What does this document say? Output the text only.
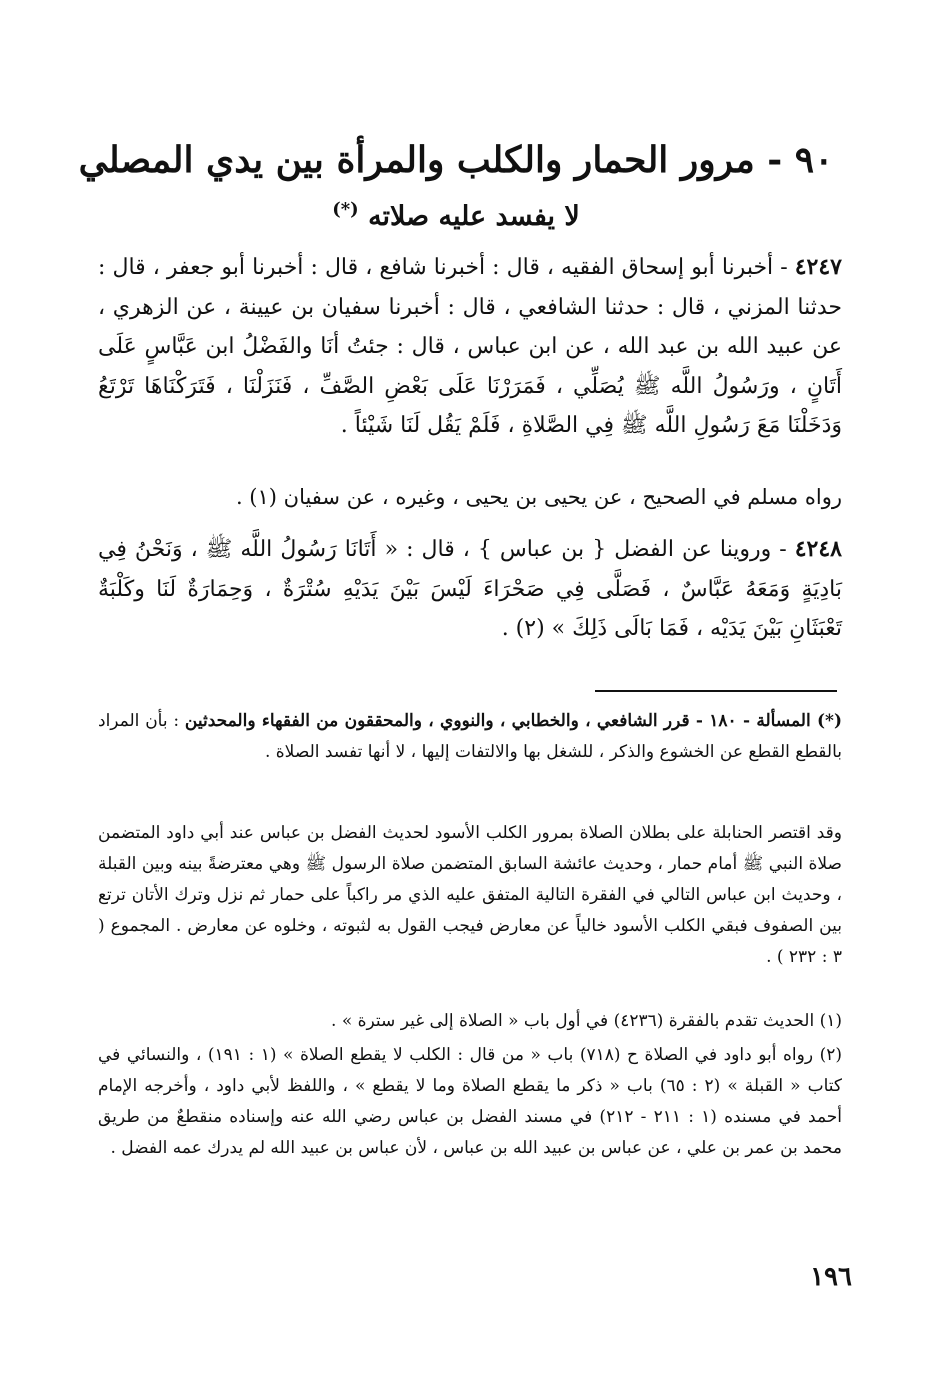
٩٠ - مرور الحمار والكلب والمرأة بين يدي المصلي
لا يفسد عليه صلاته (*)
٤٢٤٧ - أخبرنا أبو إسحاق الفقيه ، قال : أخبرنا شافع ، قال : أخبرنا أبو جعفر ، قال : حدثنا المزني ، قال : حدثنا الشافعي ، قال : أخبرنا سفيان بن عيينة ، عن الزهري ، عن عبيد الله بن عبد الله ، عن ابن عباس ، قال : جئتُ أنَا والفَضْلُ ابن عَبَّاسٍ عَلَى أَتَانٍ ، ورَسُولُ اللَّه ﷺ يُصَلِّي ، فَمَرَرْنَا عَلَى بَعْضِ الصَّفِّ ، فَنَزَلْنَا ، فَتَرَكْنَاهَا تَرْتَعُ وَدَخَلْنَا مَعَ رَسُولِ اللَّه ﷺ فِي الصَّلاةِ ، فَلَمْ يَقُل لَنَا شَيْئاً .
رواه مسلم في الصحيح ، عن يحيى بن يحيى ، وغيره ، عن سفيان (١) .
٤٢٤٨ - وروينا عن الفضل { بن عباس } ، قال : « أَتَانَا رَسُولُ اللَّه ﷺ ، وَنَحْنُ فِي بَادِيَةٍ وَمَعَهُ عَبَّاسٌ ، فَصَلَّى فِي صَحْرَاءَ لَيْسَ بَيْنَ يَدَيْهِ سُتْرَةٌ ، وَحِمَارَةٌ لَنَا وكَلْبَةٌ تَعْبَثَانِ بَيْنَ يَدَيْه ، فَمَا بَالَى ذَلِكَ » (٢) .
(*) المسألة - ١٨٠ - قرر الشافعي ، والخطابي ، والنووي ، والمحققون من الفقهاء والمحدثين : بأن المراد بالقطع القطع عن الخشوع والذكر ، للشغل بها والالتفات إليها ، لا أنها تفسد الصلاة .
وقد اقتصر الحنابلة على بطلان الصلاة بمرور الكلب الأسود لحديث الفضل بن عباس عند أبي داود المتضمن صلاة النبي ﷺ أمام حمار ، وحديث عائشة السابق المتضمن صلاة الرسول ﷺ وهي معترضةً بينه وبين القبلة ، وحديث ابن عباس التالي في الفقرة التالية المتفق عليه الذي مر راكباً على حمار ثم نزل وترك الأتان ترتع بين الصفوف فبقي الكلب الأسود خالياً عن معارض فيجب القول به لثبوته ، وخلوه عن معارض . المجموع ( ٣ : ٢٣٢ ) .
(١) الحديث تقدم بالفقرة (٤٢٣٦) في أول باب « الصلاة إلى غير سترة » .
(٢) رواه أبو داود في الصلاة ح (٧١٨) باب « من قال : الكلب لا يقطع الصلاة » (١ : ١٩١) ، والنسائي في كتاب « القبلة » (٢ : ٦٥) باب « ذكر ما يقطع الصلاة وما لا يقطع » ، واللفظ لأبي داود ، وأخرجه الإمام أحمد في مسنده (١ : ٢١١ - ٢١٢) في مسند الفضل بن عباس رضي الله عنه وإسناده منقطعٌ من طريق محمد بن عمر بن علي ، عن عباس بن عبيد الله بن عباس ، لأن عباس بن عبيد الله لم يدرك عمه الفضل .
١٩٦
